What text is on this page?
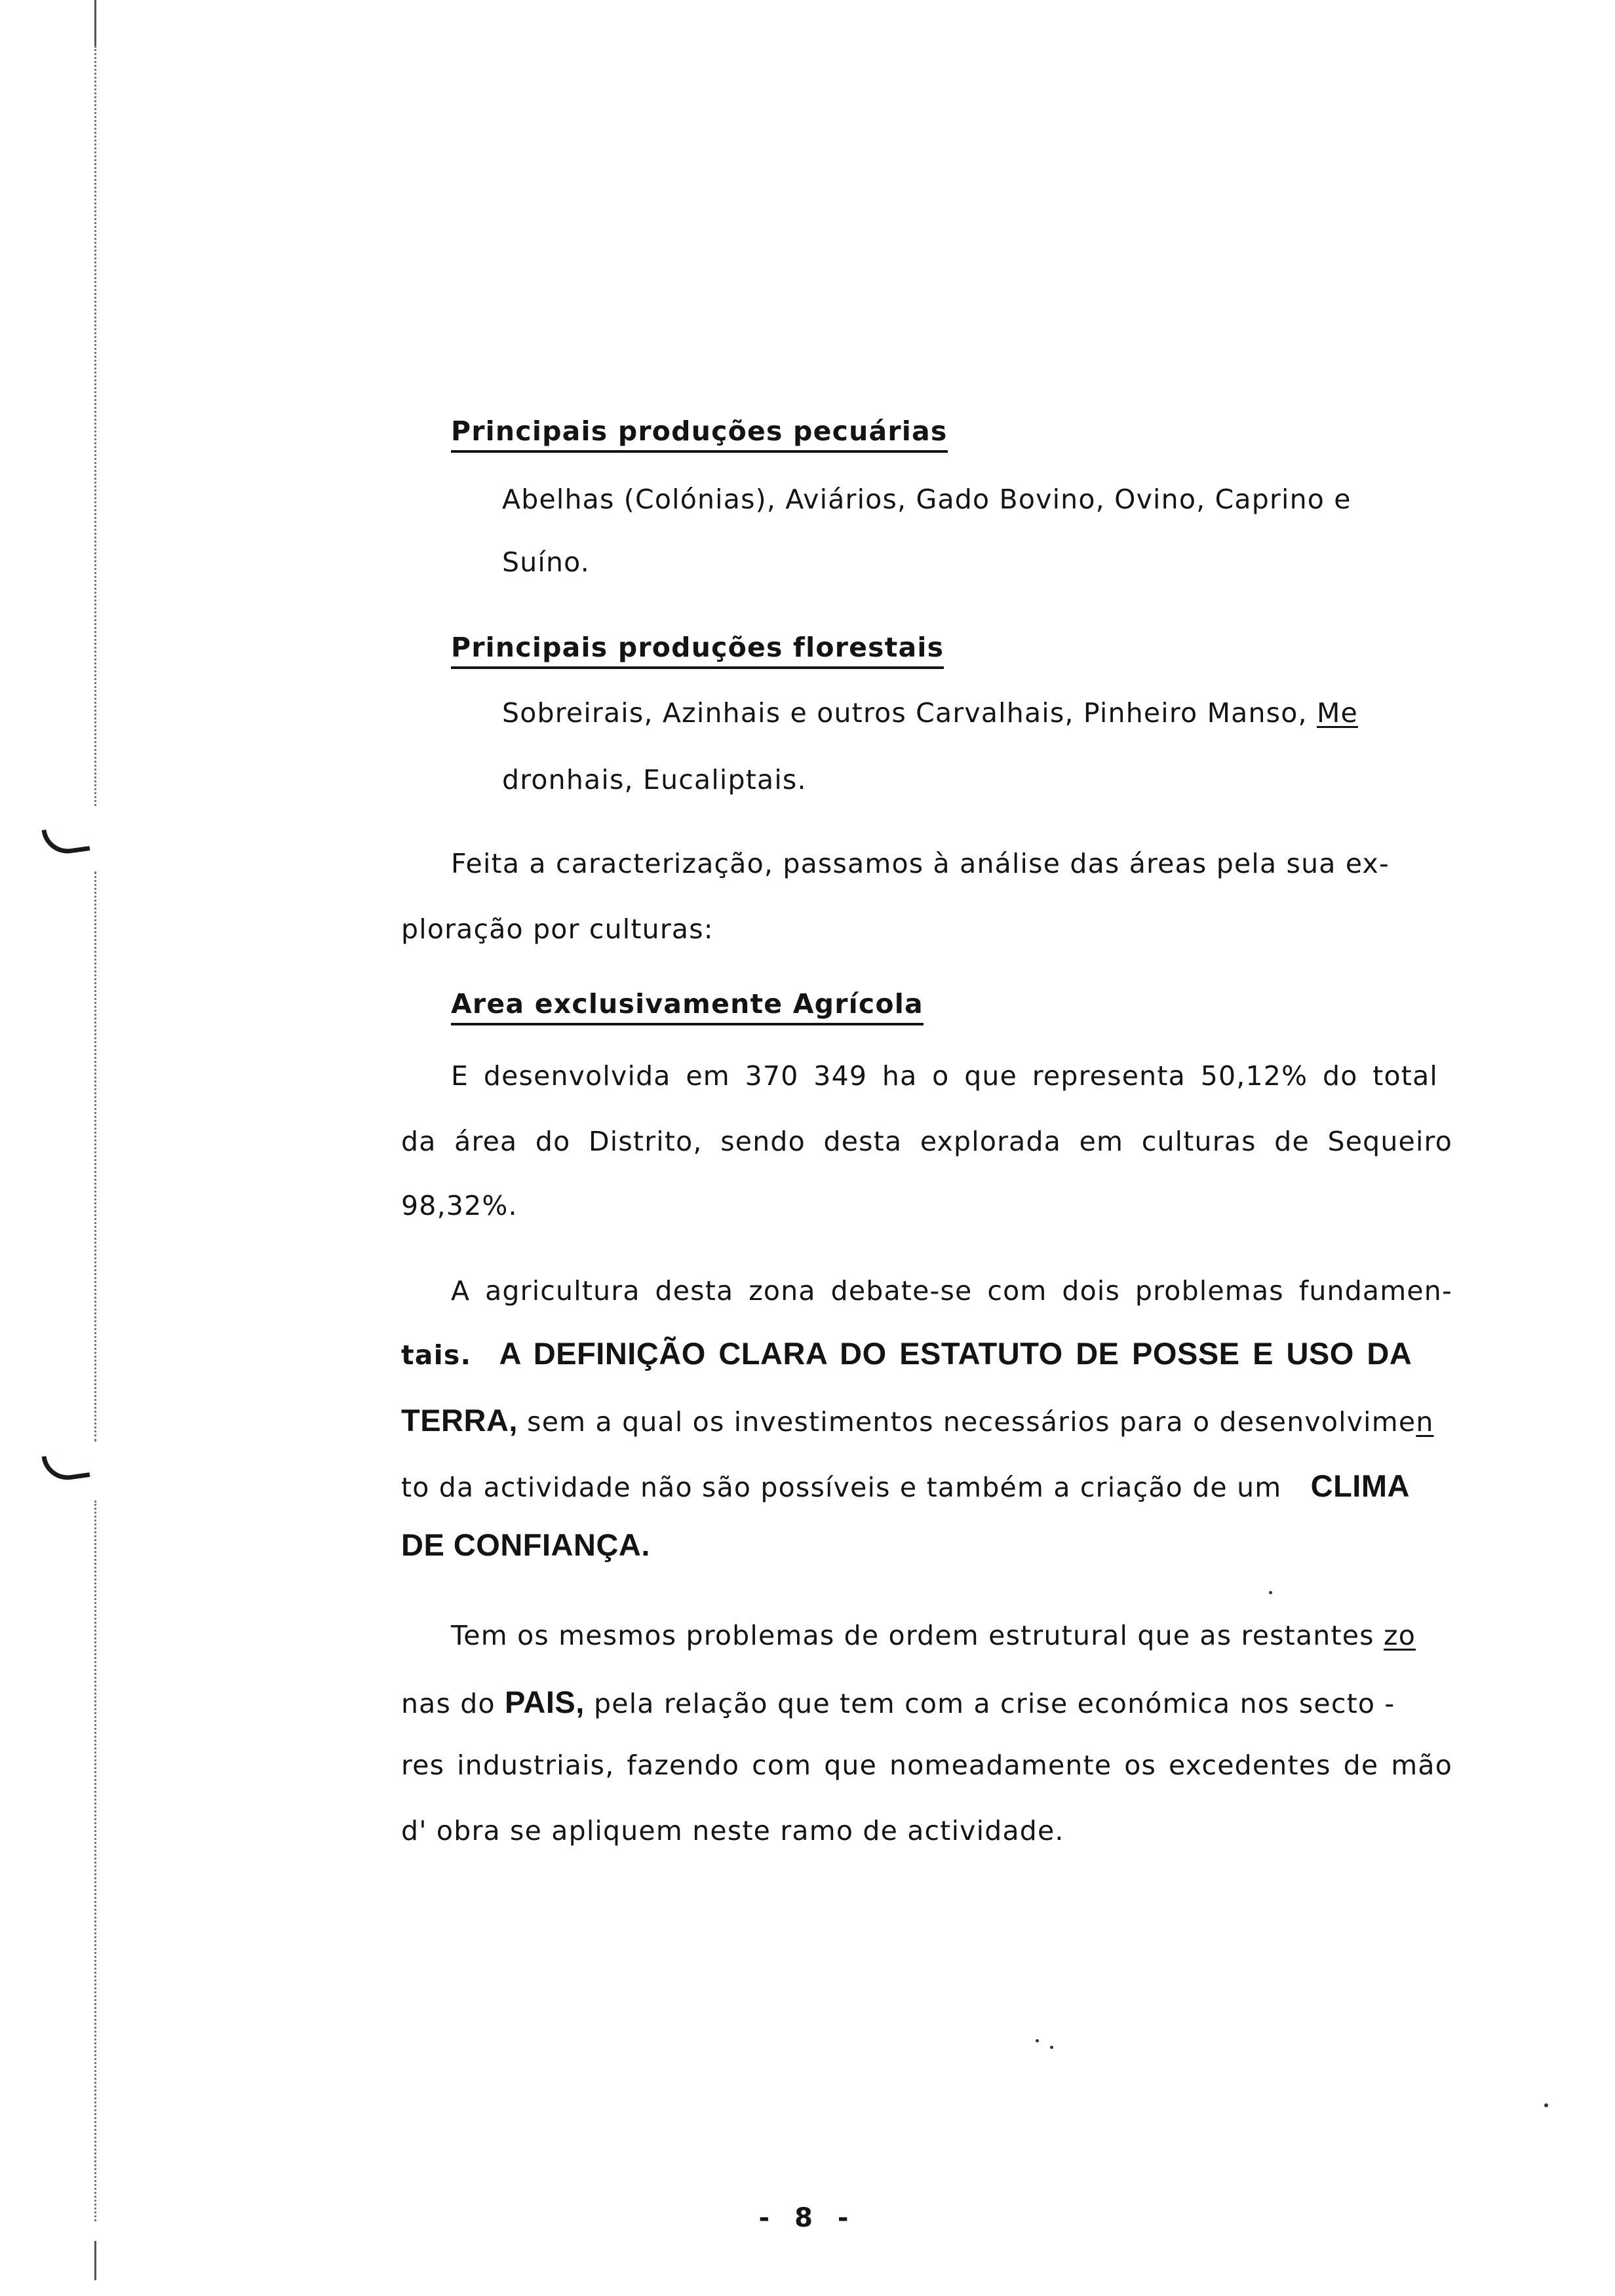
Principais produções pecuárias
Abelhas (Colónias), Aviários, Gado Bovino, Ovino, Caprino e
Suíno.
Principais produções florestais
Sobreirais, Azinhais e outros Carvalhais, Pinheiro Manso, Me
dronhais, Eucaliptais.
Feita a caracterização, passamos à análise das áreas pela sua ex-
ploração por culturas:
Area exclusivamente Agrícola
E desenvolvida em 370 349 ha o que representa 50,12% do total
da área do Distrito, sendo desta explorada em culturas de Sequeiro
98,32%.
A agricultura desta zona debate-se com dois problemas fundamen-
tais. A DEFINIÇÃO CLARA DO ESTATUTO DE POSSE E USO DA
TERRA, sem a qual os investimentos necessários para o desenvolvimen
to da actividade não são possíveis e também a criação de um CLIMA
DE CONFIANÇA.
Tem os mesmos problemas de ordem estrutural que as restantes zo
nas do PAIS, pela relação que tem com a crise económica nos secto -
res industriais, fazendo com que nomeadamente os excedentes de mão
d' obra se apliquem neste ramo de actividade.
- 8 -
